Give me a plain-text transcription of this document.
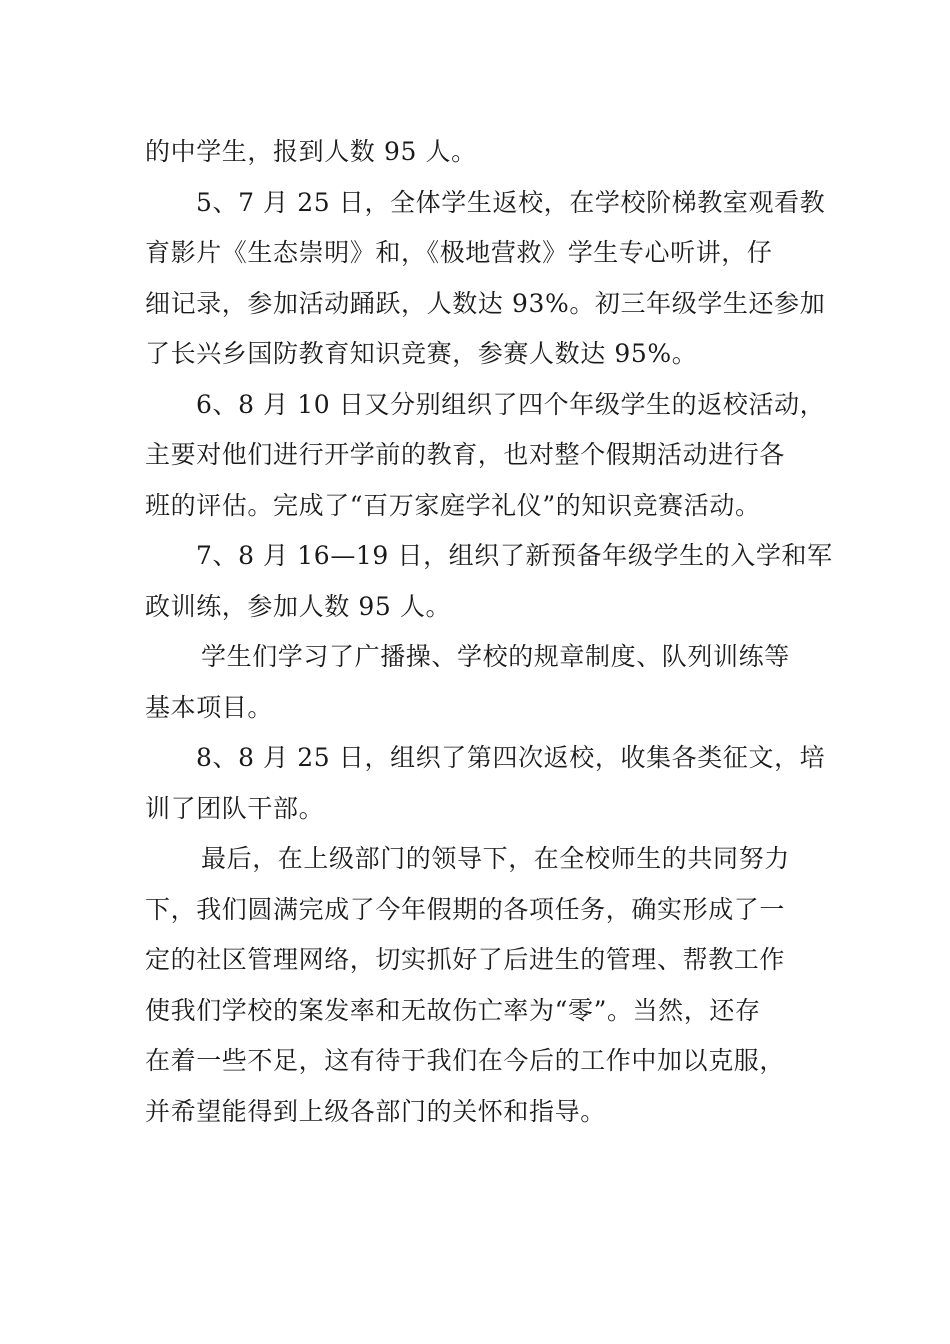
的中学生，报到人数 95 人。
5、7 月 25 日，全体学生返校，在学校阶梯教室观看教
育影片《生态崇明》和，《极地营救》学生专心听讲，仔
细记录，参加活动踊跃，人数达 93%。初三年级学生还参加
了长兴乡国防教育知识竞赛，参赛人数达 95%。
6、8 月 10 日又分别组织了四个年级学生的返校活动，
主要对他们进行开学前的教育，也对整个假期活动进行各
班的评估。完成了“百万家庭学礼仪”的知识竞赛活动。
7、8 月 16—19 日，组织了新预备年级学生的入学和军
政训练，参加人数 95 人。
学生们学习了广播操、学校的规章制度、队列训练等
基本项目。
8、8 月 25 日，组织了第四次返校，收集各类征文，培
训了团队干部。
最后，在上级部门的领导下，在全校师生的共同努力
下，我们圆满完成了今年假期的各项任务，确实形成了一
定的社区管理网络，切实抓好了后进生的管理、帮教工作
使我们学校的案发率和无故伤亡率为“零”。当然，还存
在着一些不足，这有待于我们在今后的工作中加以克服，
并希望能得到上级各部门的关怀和指导。
